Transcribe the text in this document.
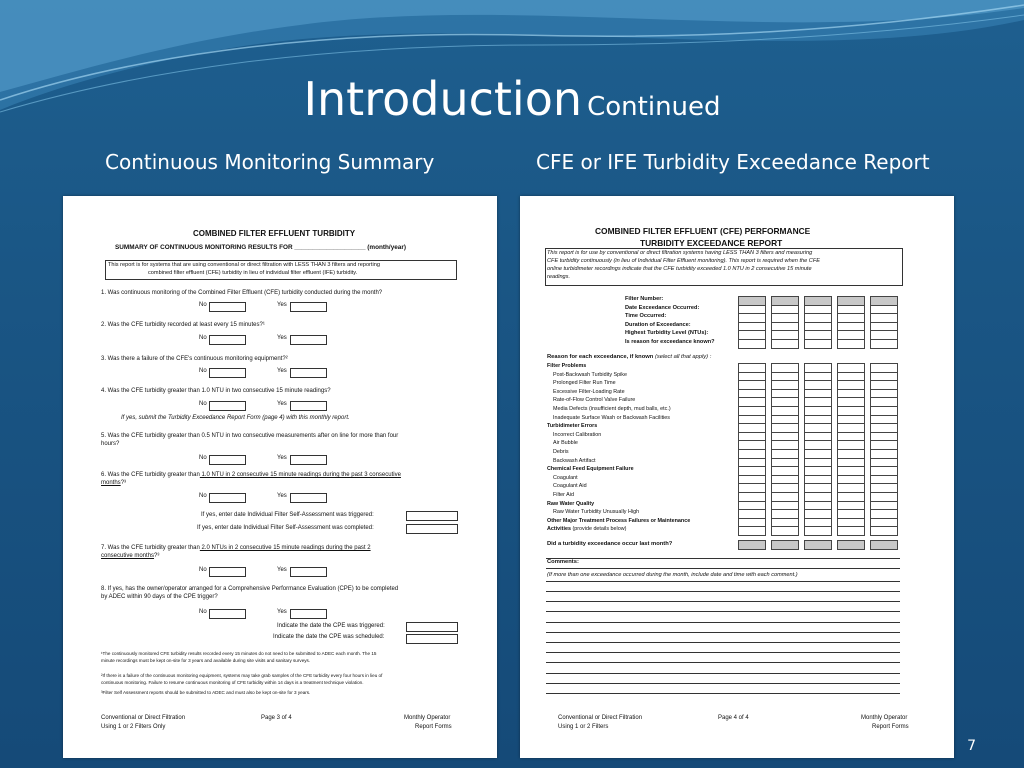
Introduction Continued
Continuous Monitoring Summary	CFE or IFE Turbidity Exceedance Report
COMBINED FILTER EFFLUENT TURBIDITY
SUMMARY OF CONTINUOUS MONITORING RESULTS FOR ____________________ (month/year)
This report is for systems that are using conventional or direct filtration with LESS THAN 3 filters and reporting
combined filter effluent (CFE) turbidity in lieu of individual filter effluent (IFE) turbidity.
1. Was continuous monitoring of the Combined Filter Effluent (CFE) turbidity conducted during the month?
2. Was the CFE turbidity recorded at least every 15 minutes?¹
3. Was there a failure of the CFE's continuous monitoring equipment?²
4. Was the CFE turbidity greater than 1.0 NTU in two consecutive 15 minute readings?
If yes, submit the Turbidity Exceedance Report Form (page 4) with this monthly report.
5. Was the CFE turbidity greater than 0.5 NTU in two consecutive measurements after on line for more than four
hours?
6. Was the CFE turbidity greater than 1.0 NTU in 2 consecutive 15 minute readings during the past 3 consecutive
months?³
If yes, enter date Individual Filter Self-Assessment was triggered:
If yes, enter date Individual Filter Self-Assessment was completed:
7. Was the CFE turbidity greater than 2.0 NTUs in 2 consecutive 15 minute readings during the past 2
consecutive months?³
8. If yes, has the owner/operator arranged for a Comprehensive Performance Evaluation (CPE) to be completed
by ADEC within 90 days of the CPE trigger?
Indicate the date the CPE was triggered:
Indicate the date the CPE was scheduled:
No	Yes
No	Yes
No	Yes
No	Yes
No	Yes
No	Yes
No	Yes
No	Yes
¹The continuously monitored CFE turbidity results recorded every 15 minutes do not need to be submitted to ADEC each month. The 15
minute recordings must be kept on-site for 3 years and available during site visits and sanitary surveys.
²If there is a failure of the continuous monitoring equipment, systems may take grab samples of the CFE turbidity every four hours in lieu of
continuous monitoring. Failure to resume continuous monitoring of CFE turbidity within 14 days is a treatment technique violation.
³Filter Self Assessment reports should be submitted to ADEC and must also be kept on-site for 3 years.
Conventional or Direct Filtration
Using 1 or 2 Filters Only
Page 3 of 4	Monthly Operator
Report Forms
COMBINED FILTER EFFLUENT (CFE) PERFORMANCE
TURBIDITY EXCEEDANCE REPORT
This report is for use by conventional or direct filtration systems having LESS THAN 3 filters and measuring
CFE turbidity continuously (in lieu of Individual Filter Effluent monitoring). This report is required when the CFE
online turbidimeter recordings indicate that the CFE turbidity exceeded 1.0 NTU in 2 consecutive 15 minute
readings.
Filter Number:
Date Exceedance Occurred:
Time Occurred:
Duration of Exceedance:
Highest Turbidity Level (NTUs):
Is reason for exceedance known?
Reason for each exceedance, if known (select all that apply) :
Filter Problems
Post-Backwash Turbidity Spike
Prolonged Filter Run Time
Excessive Filter-Loading Rate
Rate-of-Flow Control Valve Failure
Media Defects (insufficient depth, mud balls, etc.)
Inadequate Surface Wash or Backwash Facilities
Turbidimeter Errors
Incorrect Calibration
Air Bubble
Debris
Backwash Artifact
Chemical Feed Equipment Failure
Coagulant
Coagulant Aid
Filter Aid
Raw Water Quality
Raw Water Turbidity Unusually High
Other Major Treatment Process Failures or Maintenance
Activities (provide details below)
Did a turbidity exceedance occur last month?
Comments:
(If more than one exceedance occurred during the month, include date and time with each comment.)
Conventional or Direct Filtration
Using 1 or 2 Filters
Page 4 of 4	Monthly Operator
Report Forms
7
